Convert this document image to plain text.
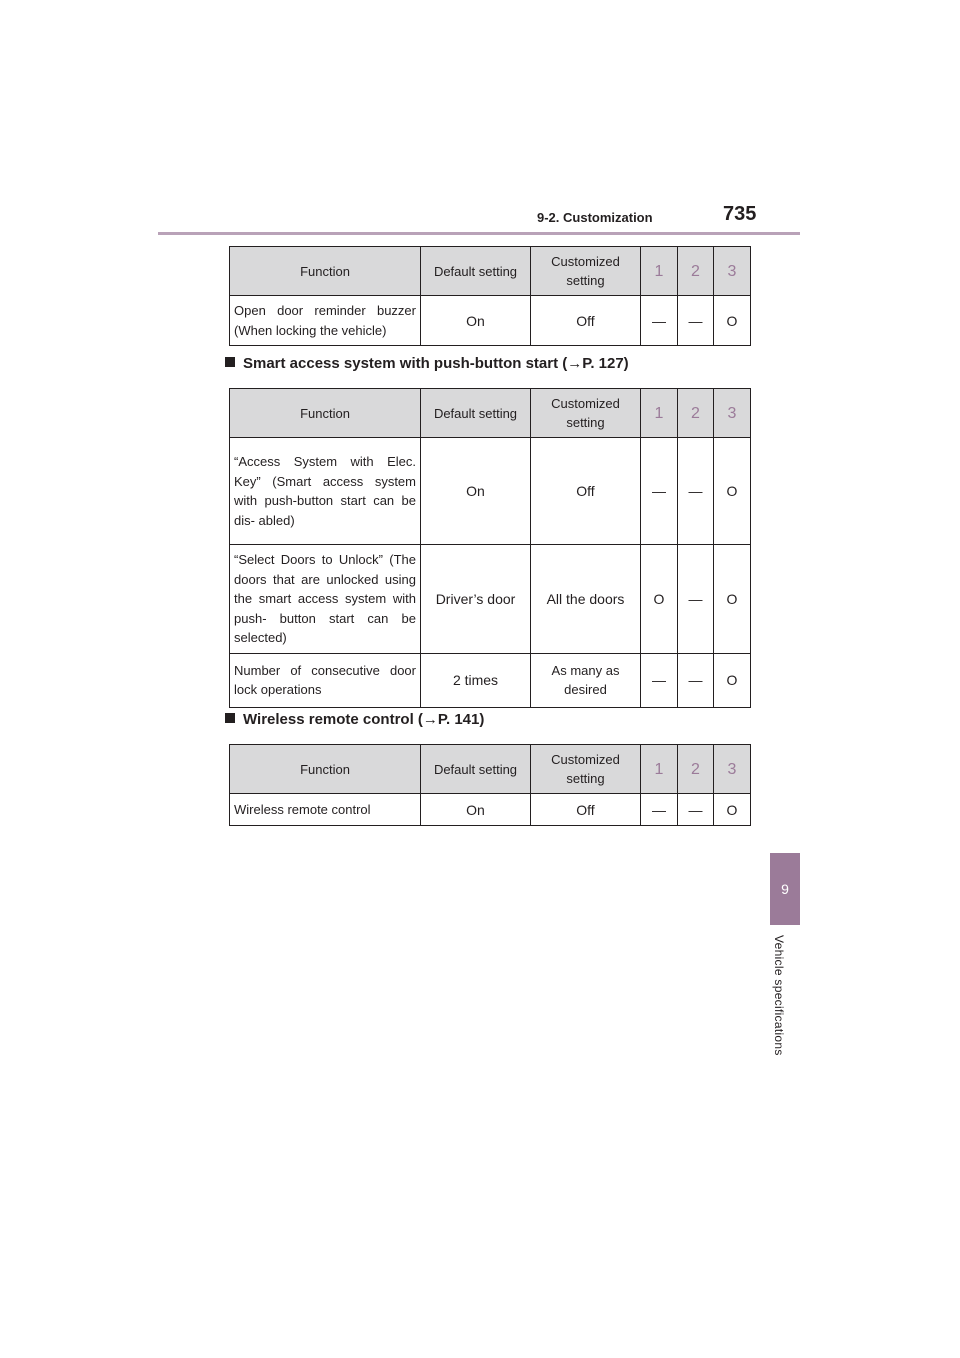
9-2. Customization	735
9
Vehicle specifications
Function	Default setting	Customized setting	1	2	3
Open door reminder buzzer (When locking the vehicle)	On	Off	—	—	O
Smart access system with push-button start (→P. 127)
Function	Default setting	Customized setting	1	2	3
“Access System with Elec. Key” (Smart access system with push-button start can be dis- abled)	On	Off	—	—	O
“Select Doors to Unlock” (The doors that are unlocked using the smart access system with push- button start can be selected)	Driver’s door	All the doors	O	—	O
Number of consecutive door lock operations	2 times	As many as desired	—	—	O
Wireless remote control (→P. 141)
Function	Default setting	Customized setting	1	2	3
Wireless remote control	On	Off	—	—	O
